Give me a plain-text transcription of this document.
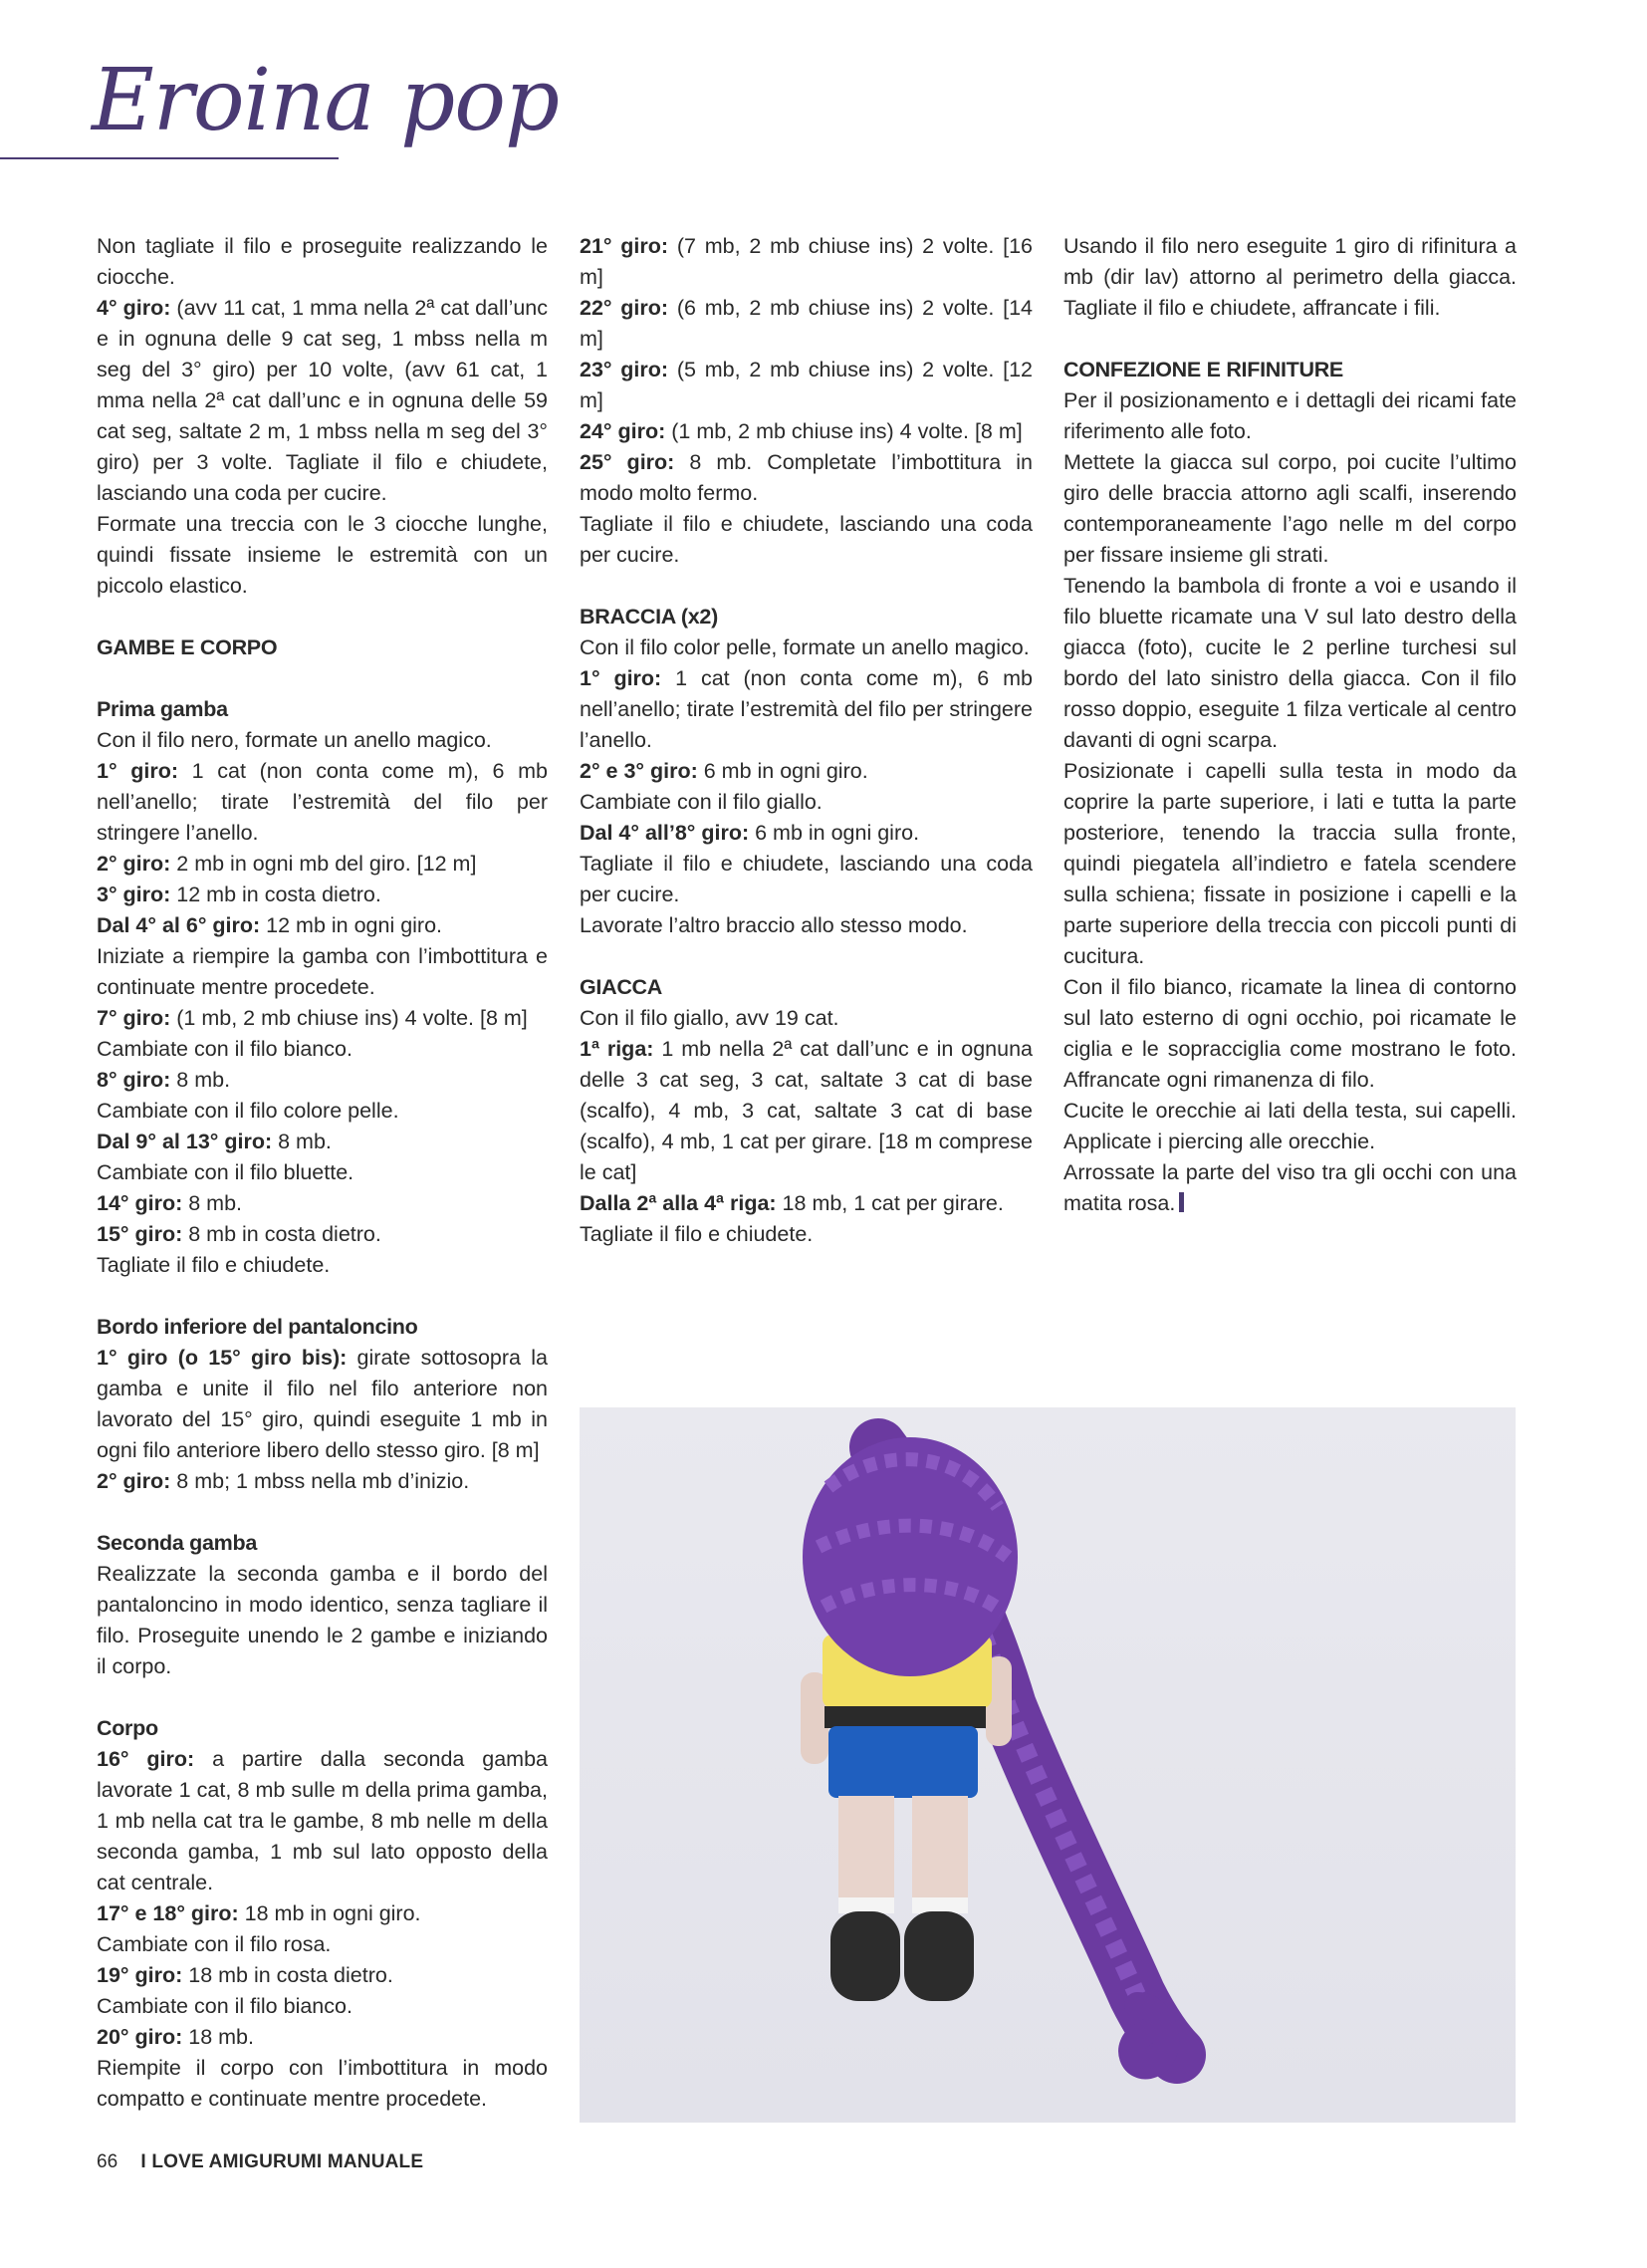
Eroina pop

Non tagliate il filo e proseguite realizzando le ciocche.

4° giro: (avv 11 cat, 1 mma nella 2ª cat dall’unc e in ognuna delle 9 cat seg, 1 mbss nella m seg del 3° giro) per 10 volte, (avv 61 cat, 1 mma nella 2ª cat dall’unc e in ognuna delle 59 cat seg, saltate 2 m, 1 mbss nella m seg del 3° giro) per 3 volte. Tagliate il filo e chiudete, lasciando una coda per cucire.

Formate una treccia con le 3 ciocche lunghe, quindi fissate insieme le estremità con un piccolo elastico.

GAMBE E CORPO

Prima gamba

Con il filo nero, formate un anello magico.

1° giro: 1 cat (non conta come m), 6 mb nell’anello; tirate l’estremità del filo per stringere l’anello.

2° giro: 2 mb in ogni mb del giro. [12 m]

3° giro: 12 mb in costa dietro.

Dal 4° al 6° giro: 12 mb in ogni giro.

Iniziate a riempire la gamba con l’imbottitura e continuate mentre procedete.

7° giro: (1 mb, 2 mb chiuse ins) 4 volte. [8 m]

Cambiate con il filo bianco.

8° giro: 8 mb.

Cambiate con il filo colore pelle.

Dal 9° al 13° giro: 8 mb.

Cambiate con il filo bluette.

14° giro: 8 mb.

15° giro: 8 mb in costa dietro.

Tagliate il filo e chiudete.

Bordo inferiore del pantaloncino

1° giro (o 15° giro bis): girate sottosopra la gamba e unite il filo nel filo anteriore non lavorato del 15° giro, quindi eseguite 1 mb in ogni filo anteriore libero dello stesso giro. [8 m]

2° giro: 8 mb; 1 mbss nella mb d’inizio.

Seconda gamba

Realizzate la seconda gamba e il bordo del pantaloncino in modo identico, senza tagliare il filo. Proseguite unendo le 2 gambe e iniziando il corpo.

Corpo

16° giro: a partire dalla seconda gamba lavorate 1 cat, 8 mb sulle m della prima gamba, 1 mb nella cat tra le gambe, 8 mb nelle m della seconda gamba, 1 mb sul lato opposto della cat centrale.

17° e 18° giro: 18 mb in ogni giro.

Cambiate con il filo rosa.

19° giro: 18 mb in costa dietro.

Cambiate con il filo bianco.

20° giro: 18 mb.

Riempite il corpo con l’imbottitura in modo compatto e continuate mentre procedete.

21° giro: (7 mb, 2 mb chiuse ins) 2 volte. [16 m]

22° giro: (6 mb, 2 mb chiuse ins) 2 volte. [14 m]

23° giro: (5 mb, 2 mb chiuse ins) 2 volte. [12 m]

24° giro: (1 mb, 2 mb chiuse ins) 4 volte. [8 m]

25° giro: 8 mb. Completate l’imbottitura in modo molto fermo.

Tagliate il filo e chiudete, lasciando una coda per cucire.

BRACCIA (x2)

Con il filo color pelle, formate un anello magico.

1° giro: 1 cat (non conta come m), 6 mb nell’anello; tirate l’estremità del filo per stringere l’anello.

2° e 3° giro: 6 mb in ogni giro.

Cambiate con il filo giallo.

Dal 4° all’8° giro: 6 mb in ogni giro.

Tagliate il filo e chiudete, lasciando una coda per cucire.

Lavorate l’altro braccio allo stesso modo.

GIACCA

Con il filo giallo, avv 19 cat.

1ª riga: 1 mb nella 2ª cat dall’unc e in ognuna delle 3 cat seg, 3 cat, saltate 3 cat di base (scalfo), 4 mb, 3 cat, saltate 3 cat di base (scalfo), 4 mb, 1 cat per girare. [18 m comprese le cat]

Dalla 2ª alla 4ª riga: 18 mb, 1 cat per girare.

Tagliate il filo e chiudete.

Usando il filo nero eseguite 1 giro di rifinitura a mb (dir lav) attorno al perimetro della giacca. Tagliate il filo e chiudete, affrancate i fili.

CONFEZIONE E RIFINITURE

Per il posizionamento e i dettagli dei ricami fate riferimento alle foto.

Mettete la giacca sul corpo, poi cucite l’ultimo giro delle braccia attorno agli scalfi, inserendo contemporaneamente l’ago nelle m del corpo per fissare insieme gli strati.

Tenendo la bambola di fronte a voi e usando il filo bluette ricamate una V sul lato destro della giacca (foto), cucite le 2 perline turchesi sul bordo del lato sinistro della giacca. Con il filo rosso doppio, eseguite 1 filza verticale al centro davanti di ogni scarpa.

Posizionate i capelli sulla testa in modo da coprire la parte superiore, i lati e tutta la parte posteriore, tenendo la traccia sulla fronte, quindi piegatela all’indietro e fatela scendere sulla schiena; fissate in posizione i capelli e la parte superiore della treccia con piccoli punti di cucitura.

Con il filo bianco, ricamate la linea di contorno sul lato esterno di ogni occhio, poi ricamate le ciglia e le sopracciglia come mostrano le foto. Affrancate ogni rimanenza di filo.

Cucite le orecchie ai lati della testa, sui capelli. Applicate i piercing alle orecchie.

Arrossate la parte del viso tra gli occhi con una matita rosa.

66 I LOVE AMIGURUMI MANUALE
